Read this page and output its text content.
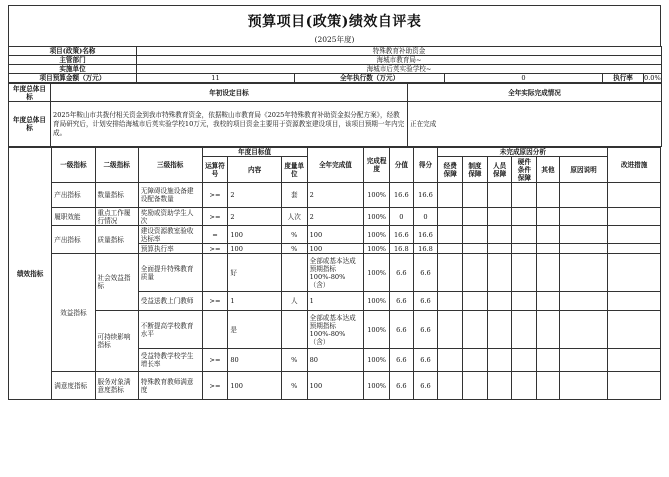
预算项目(政策)绩效自评表
(2025年度)
项目(政策)名称	特殊教育补助资金			
主管部门	海城市教育局~			
实施单位	海城市后英实验学校~			
项目预算金额（万元）	11	全年执行数（万元）	0	执行率 0.0%
年度总体目标	年初设定目标	全年实际完成情况
年度总体目标	2025年鞍山市共拨付相关资金到我市特殊教育资金，依据鞍山市教育局《2025年特殊教育补助资金拟分配方案》，经教育局研究后，计划安排给海城市后英实验学校10万元，我校的项目资金主要用于资源教室建设项目，该项目预期一年内完成。	正在完成
绩效指标	一级指标	二级指标	三级指标	年度目标值			全年完成值	完成程度	分值	得分	未完成原因分析						改进措施
				运算符号	内容	度量单位					经费保障	制度保障	人员保障	硬件条件保障	其他	原因说明	

	产出指标	数量指标	无障碍设施设备建设配备数量	>=	2	套	2	100%	16.6	16.6							
	履职效能	重点工作履行情况	奖励或资助学生人次	>=	2	人次	2	100%	0	0							
	产出指标	质量指标	建设资源教室验收达标率	=	100	%	100	100%	16.6	16.6							
			预算执行率	>=	100	%	100	100%	16.8	16.8							
	效益指标	社会效益指标	全面提升特殊教育质量		好		全部或基本达成预期指标100%-80%（含）	100%	6.6	6.6							
			受益送教上门教师	>=	1	人	1	100%	6.6	6.6							
		可持续影响指标	不断提高学校教育水平		是		全部或基本达成预期指标100%-80%（含）	100%	6.6	6.6							
			受益特教学校学生增长率	>=	80	%	80	100%	6.6	6.6							
	满意度指标	服务对象满意度指标	特殊教育教师满意度	>=	100	%	100	100%	6.6	6.6							
